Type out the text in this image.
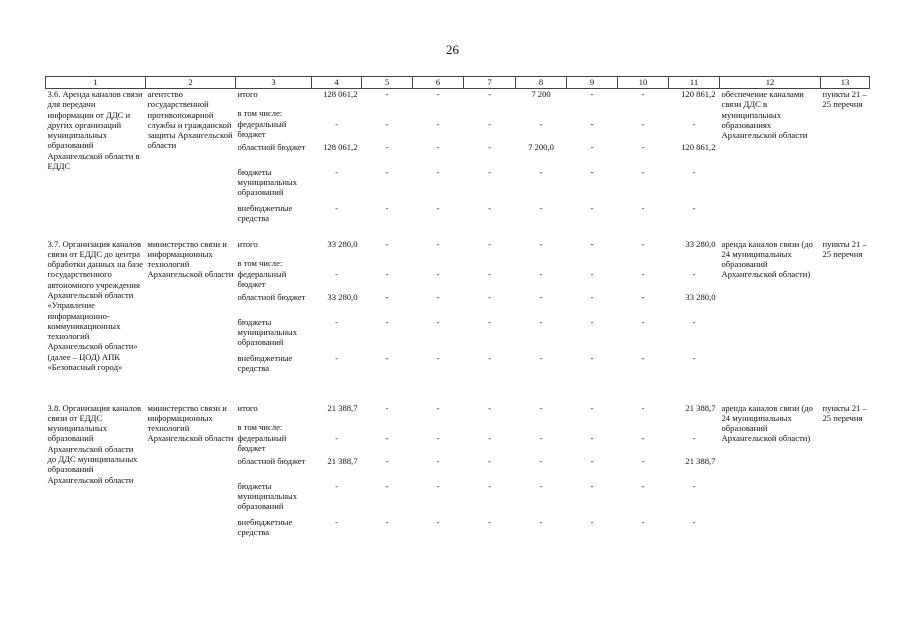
26
1	2	3	4	5	6	7	8	9	10	11	12	13
3.6. Аренда каналов связи для передачи информации от ДДС и других организаций муниципальных образований Архангельской области в ЕДДС	агентство государственной противопожарной службы и гражданской защиты Архангельской области	итого	128 061,2	-	-	-	7 200	-	-	120 861,2	обеспечение каналами связи ДДС в муниципальных образованиях Архангельской области	пункты 21 – 25 перечня
		в том числе:										
		федеральный бюджет	-	-	-	-	-	-	-	-		
		областной бюджет	128 061,2	-	-	-	7 200,0	-	-	120 861,2		
		бюджеты муниципальных образований	-	-	-	-	-	-	-	-		
		внебюджетные средства	-	-	-	-	-	-	-	-		

3.7. Организация каналов связи от ЕДДС до центра обработки данных на базе государственного автономного учреждения Архангельской области «Управление информационно-коммуникационных технологий Архангельской области» (далее – ЦОД) АПК «Безопасный город»	министерство связи и информационных технологий Архангельской области	итого	33 280,0	-	-	-	-	-	-	33 280,0	аренда каналов связи (до 24 муниципальных образований Архангельской области)	пункты 21 – 25 перечня
		в том числе:										
		федеральный бюджет	-	-	-	-	-	-	-	-		
		областной бюджет	33 280,0	-	-	-	-	-	-	33 280,0		
		бюджеты муниципальных образований	-	-	-	-	-	-	-	-		
		внебюджетные средства	-	-	-	-	-	-	-	-		

3.8. Организация каналов связи от ЕДДС муниципальных образований Архангельской области до ДДС муниципальных образований Архангельской области	министерство связи и информационных технологий Архангельской области	итого	21 388,7	-	-	-	-	-	-	21 388,7	аренда каналов связи (до 24 муниципальных образований Архангельской области)	пункты 21 – 25 перечня
		в том числе:										
		федеральный бюджет	-	-	-	-	-	-	-	-		
		областной бюджет	21 388,7	-	-	-	-	-	-	21 388,7		
		бюджеты муниципальных образований	-	-	-	-	-	-	-	-		
		внебюджетные средства	-	-	-	-	-	-	-	-		
